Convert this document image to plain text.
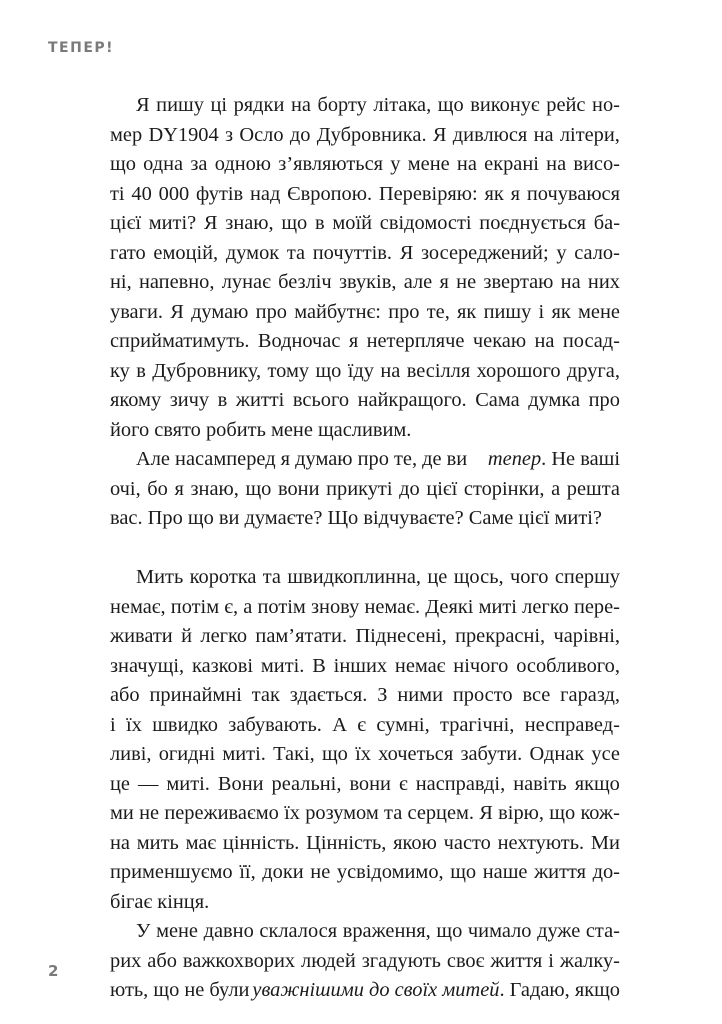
ТЕПЕР!
Я пишу ці рядки на борту літака, що виконує рейс но-
мер DY1904 з Осло до Дубровника. Я дивлюся на літери,
що одна за одною з’являються у мене на екрані на висо-
ті 40 000 футів над Європою. Перевіряю: як я почуваюся
цієї миті? Я знаю, що в моїй свідомості поєднується ба-
гато емоцій, думок та почуттів. Я зосереджений; у сало-
ні, напевно, лунає безліч звуків, але я не звертаю на них
уваги. Я думаю про майбутнє: про те, як пишу і як мене
сприйматимуть. Водночас я нетерпляче чекаю на посад-
ку в Дубровнику, тому що їду на весілля хорошого друга,
якому зичу в житті всього найкращого. Сама думка про
його свято робить мене щасливим.
Але насамперед я думаю про те, де ви тепер. Не ваші
очі, бо я знаю, що вони прикуті до цієї сторінки, а решта
вас. Про що ви думаєте? Що відчуваєте? Саме цієї миті?
Мить коротка та швидкоплинна, це щось, чого спершу
немає, потім є, а потім знову немає. Деякі миті легко пере-
живати й легко пам’ятати. Піднесені, прекрасні, чарівні,
значущі, казкові миті. В інших немає нічого особливого,
або принаймні так здається. З ними просто все гаразд,
і їх швидко забувають. А є сумні, трагічні, несправед-
ливі, огидні миті. Такі, що їх хочеться забути. Однак усе
це — миті. Вони реальні, вони є насправді, навіть якщо
ми не переживаємо їх розумом та серцем. Я вірю, що кож-
на мить має цінність. Цінність, якою часто нехтують. Ми
применшуємо її, доки не усвідомимо, що наше життя до-
бігає кінця.
У мене давно склалося враження, що чимало дуже ста-
рих або важкохворих людей згадують своє життя і жалку-
ють, що не були уважнішими до своїх митей. Гадаю, якщо
2
